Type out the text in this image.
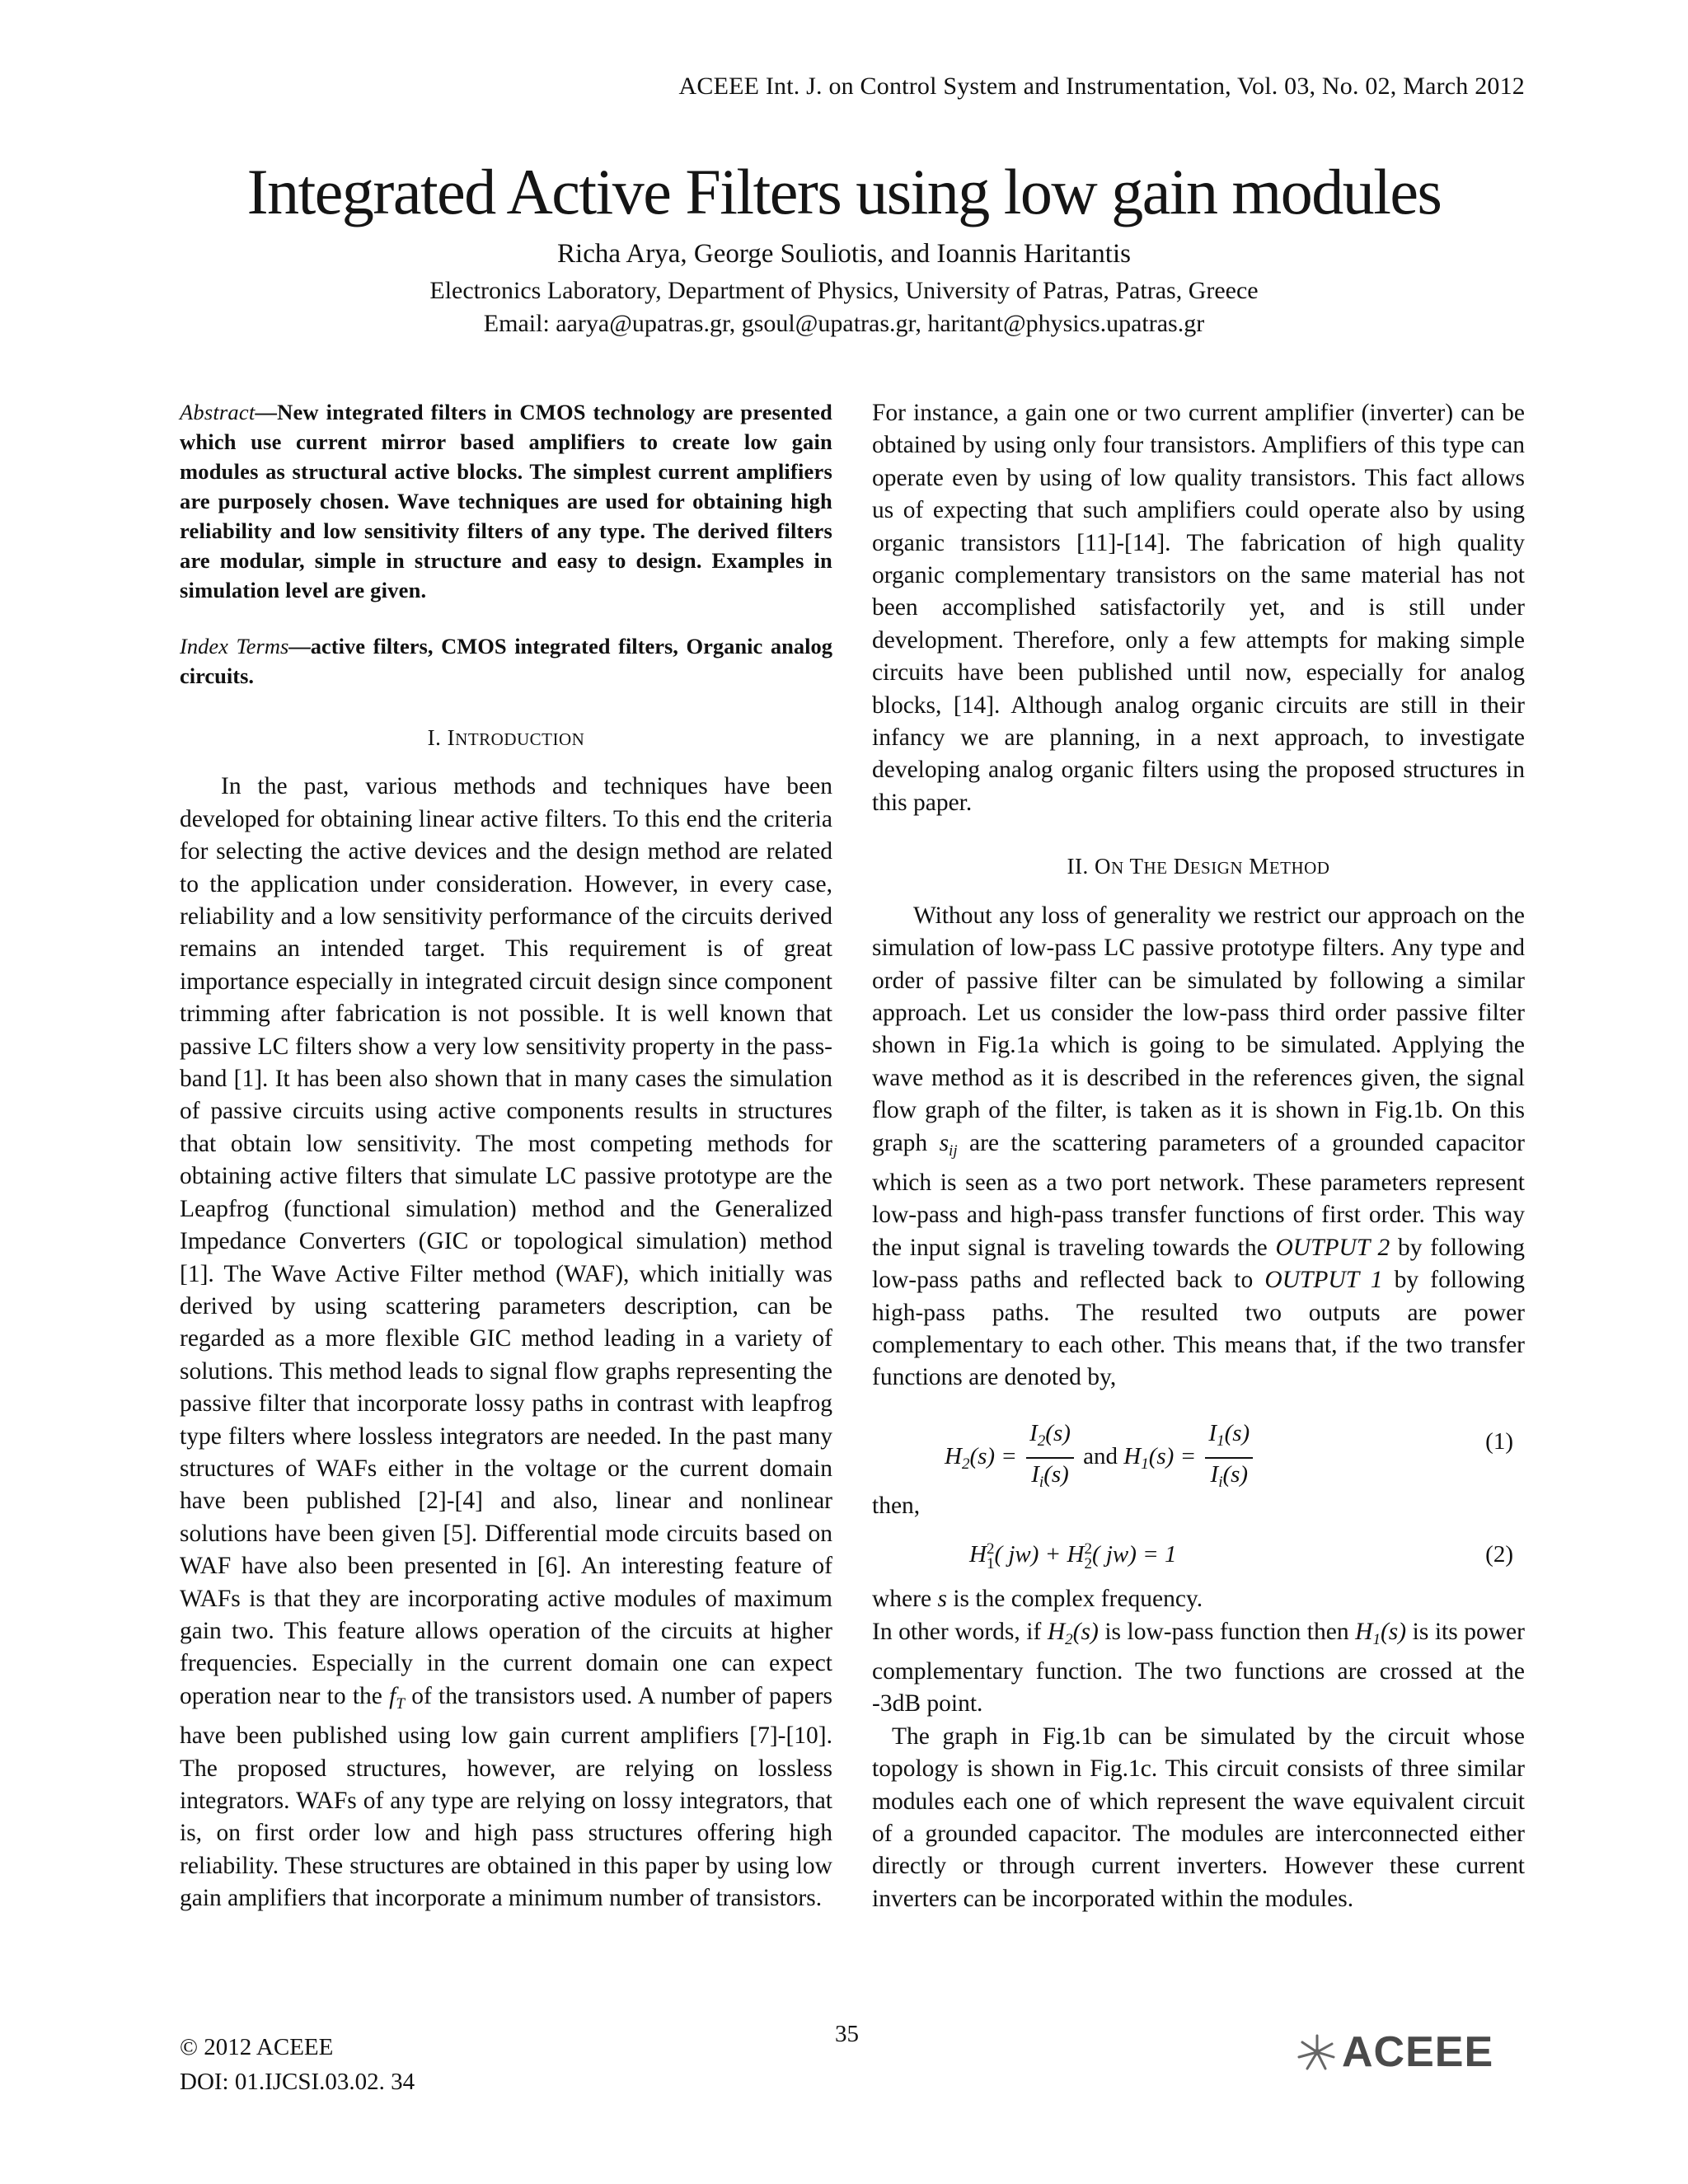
ACEEE Int. J. on Control System and Instrumentation, Vol. 03, No. 02, March 2012
Integrated Active Filters using low gain modules
Richa Arya, George Souliotis, and Ioannis Haritantis
Electronics Laboratory, Department of Physics, University of Patras, Patras, Greece
Email: aarya@upatras.gr, gsoul@upatras.gr, haritant@physics.upatras.gr

Abstract—New integrated filters in CMOS technology are presented which use current mirror based amplifiers to create low gain modules as structural active blocks. The simplest current amplifiers are purposely chosen. Wave techniques are used for obtaining high reliability and low sensitivity filters of any type. The derived filters are modular, simple in structure and easy to design. Examples in simulation level are given.

Index Terms—active filters, CMOS integrated filters, Organic analog circuits.

I. INTRODUCTION

In the past, various methods and techniques have been developed for obtaining linear active filters. To this end the criteria for selecting the active devices and the design method are related to the application under consideration. However, in every case, reliability and a low sensitivity performance of the circuits derived remains an intended target. This requirement is of great importance especially in integrated circuit design since component trimming after fabrication is not possible. It is well known that passive LC filters show a very low sensitivity property in the pass-band [1]. It has been also shown that in many cases the simulation of passive circuits using active components results in structures that obtain low sensitivity. The most competing methods for obtaining active filters that simulate LC passive prototype are the Leapfrog (functional simulation) method and the Generalized Impedance Converters (GIC or topological simulation) method [1]. The Wave Active Filter method (WAF), which initially was derived by using scattering parameters description, can be regarded as a more flexible GIC method leading in a variety of solutions. This method leads to signal flow graphs representing the passive filter that incorporate lossy paths in contrast with leapfrog type filters where lossless integrators are needed. In the past many structures of WAFs either in the voltage or the current domain have been published [2]-[4] and also, linear and nonlinear solutions have been given [5]. Differential mode circuits based on WAF have also been presented in [6]. An interesting feature of WAFs is that they are incorporating active modules of maximum gain two. This feature allows operation of the circuits at higher frequencies. Especially in the current domain one can expect operation near to the $f_T$ of the transistors used. A number of papers have been published using low gain current amplifiers [7]-[10]. The proposed structures, however, are relying on lossless integrators. WAFs of any type are relying on lossy integrators, that is, on first order low and high pass structures offering high reliability. These structures are obtained in this paper by using low gain amplifiers that incorporate a minimum number of transistors.

For instance, a gain one or two current amplifier (inverter) can be obtained by using only four transistors. Amplifiers of this type can operate even by using of low quality transistors. This fact allows us of expecting that such amplifiers could operate also by using organic transistors [11]-[14]. The fabrication of high quality organic complementary transistors on the same material has not been accomplished satisfactorily yet, and is still under development. Therefore, only a few attempts for making simple circuits have been published until now, especially for analog blocks, [14]. Although analog organic circuits are still in their infancy we are planning, in a next approach, to investigate developing analog organic filters using the proposed structures in this paper.

II. ON THE DESIGN METHOD

Without any loss of generality we restrict our approach on the simulation of low-pass LC passive prototype filters. Any type and order of passive filter can be simulated by following a similar approach. Let us consider the low-pass third order passive filter shown in Fig.1a which is going to be simulated. Applying the wave method as it is described in the references given, the signal flow graph of the filter, is taken as it is shown in Fig.1b. On this graph $s_{ij}$ are the scattering parameters of a grounded capacitor which is seen as a two port network. These parameters represent low-pass and high-pass transfer functions of first order. This way the input signal is traveling towards the OUTPUT 2 by following low-pass paths and reflected back to OUTPUT 1 by following high-pass paths. The resulted two outputs are power complementary to each other. This means that, if the two transfer functions are denoted by,

$H_2(s) = \frac{I_2(s)}{I_i(s)}$ and $H_1(s) = \frac{I_1(s)}{I_i(s)}$	(1)

then,

H 2
1 ( jw) + H 2
2 ( jw) = 1	(2)

where s is the complex frequency.

In other words, if $H_2(s)$ is low-pass function then $H_1(s)$ is its power complementary function. The two functions are crossed at the -3dB point.

The graph in Fig.1b can be simulated by the circuit whose topology is shown in Fig.1c. This circuit consists of three similar modules each one of which represent the wave equivalent circuit of a grounded capacitor. The modules are interconnected either directly or through current inverters. However these current inverters can be incorporated within the modules.

© 2012 ACEEE
DOI: 01.IJCSI.03.02. 34
35	ACEEE
